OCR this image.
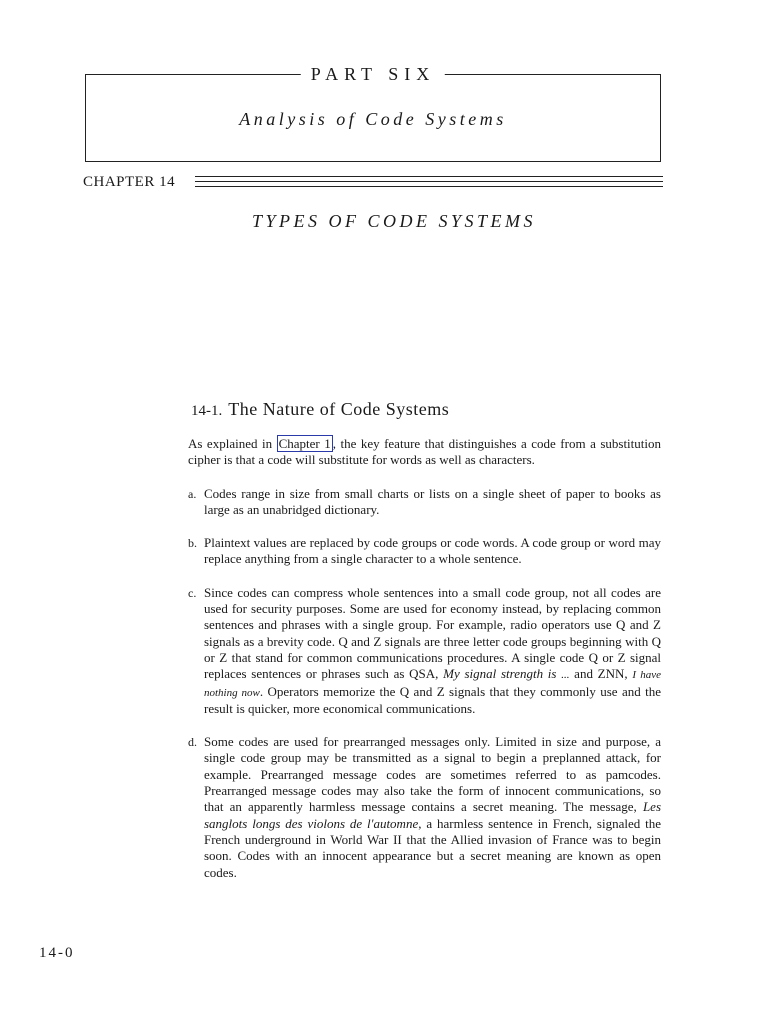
PART SIX
Analysis of Code Systems
CHAPTER 14
TYPES OF CODE SYSTEMS
14-1. The Nature of Code Systems

As explained in Chapter 1 , the key feature that distinguishes a code from a substitution cipher is that a code will substitute for words as well as characters.

a. Codes range in size from small charts or lists on a single sheet of paper to books as large as an unabridged dictionary.
b. Plaintext values are replaced by code groups or code words. A code group or word may replace anything from a single character to a whole sentence.
c. Since codes can compress whole sentences into a small code group, not all codes are used for security purposes. Some are used for economy instead, by replacing common sentences and phrases with a single group. For example, radio operators use Q and Z signals as a brevity code. Q and Z signals are three letter code groups beginning with Q or Z that stand for common communications procedures. A single code Q or Z signal replaces sentences or phrases such as QSA, My signal strength is ... and ZNN, I have nothing now. Operators memorize the Q and Z signals that they commonly use and the result is quicker, more economical communications.
d. Some codes are used for prearranged messages only. Limited in size and purpose, a single code group may be transmitted as a signal to begin a preplanned attack, for example. Prearranged message codes are sometimes referred to as pamcodes. Prearranged message codes may also take the form of innocent communications, so that an apparently harmless message contains a secret meaning. The message, Les sanglots longs des violons de l'automne, a harmless sentence in French, signaled the French underground in World War II that the Allied invasion of France was to begin soon. Codes with an innocent appearance but a secret meaning are known as open codes.
14-0
